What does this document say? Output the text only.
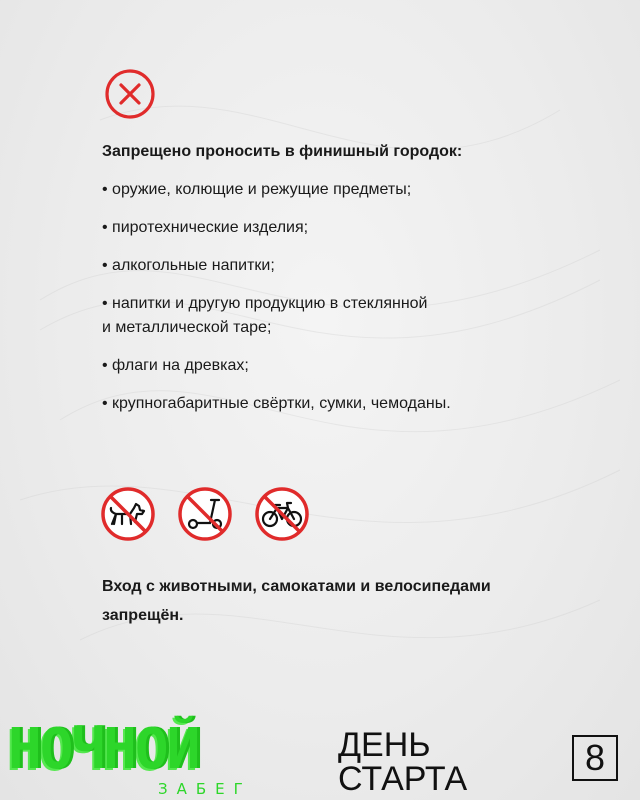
Запрещено проносить в финишный городок:
• оружие, колющие и режущие предметы;
• пиротехнические изделия;
• алкогольные напитки;
• напитки и другую продукцию в стеклянной
и металлической таре;
• флаги на древках;
• крупногабаритные свёртки, сумки, чемоданы.
Вход с животными, самокатами и велосипедами
запрещён.
НОЧНОЙ
ЗАБЕГ
ДЕНЬ
СТАРТА
8
